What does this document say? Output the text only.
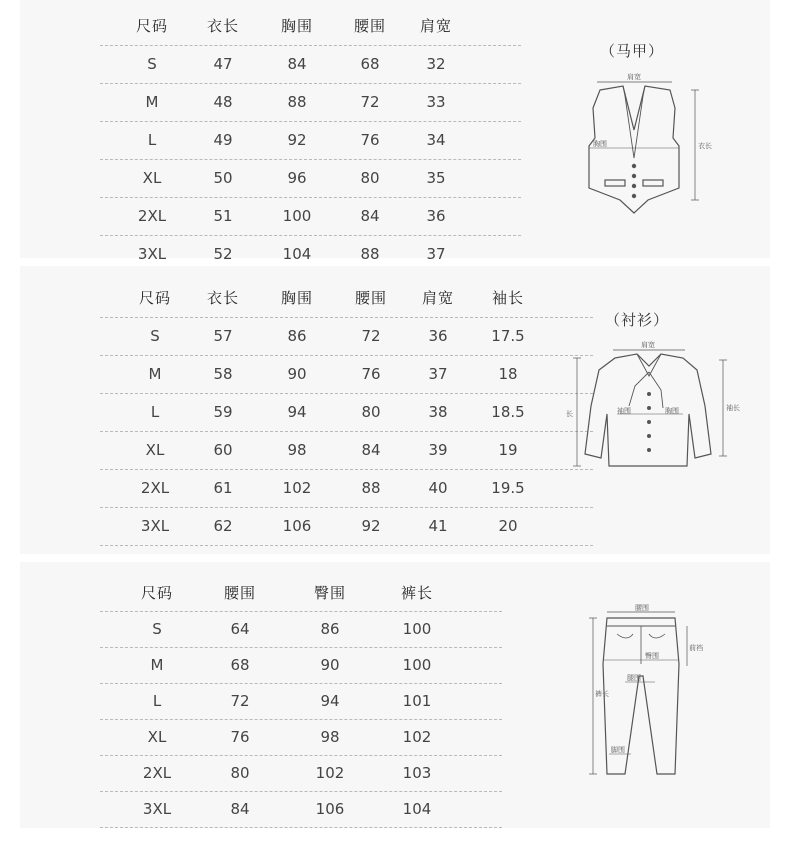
尺码	衣长	胸围	腰围	肩宽
S	47	84	68	32
M	48	88	72	33
L	49	92	76	34
XL	50	96	80	35
2XL	51	100	84	36
3XL	52	104	88	37
（马甲）
肩宽
胸围	衣长
尺码	衣长	胸围	腰围	肩宽	袖长
S	57	86	72	36	17.5
M	58	90	76	37	18
L	59	94	80	38	18.5
XL	60	98	84	39	19
2XL	61	102	88	40	19.5
3XL	62	106	92	41	20
（衬衫）
肩宽
胸围
袖围
长
袖长
尺码	腰围	臀围	裤长
S	64	86	100
M	68	90	100
L	72	94	101
XL	76	98	102
2XL	80	102	103
3XL	84	106	104
腰围
前裆
臀围
腿围
裤长
脚围
